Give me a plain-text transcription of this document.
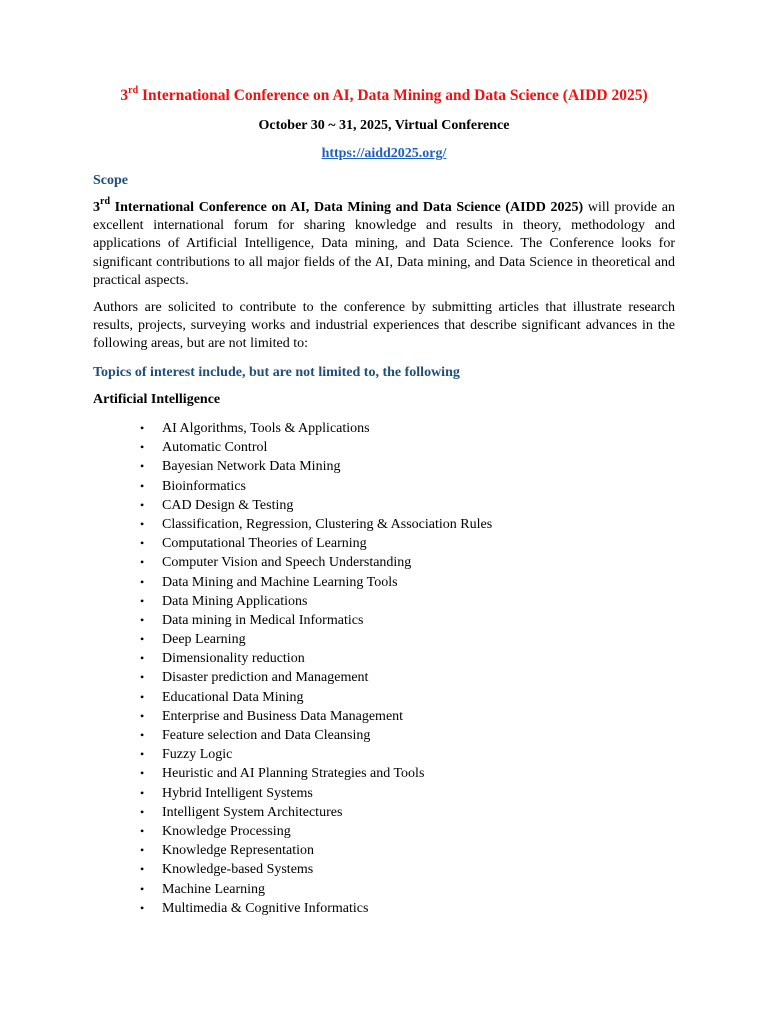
3rd International Conference on AI, Data Mining and Data Science (AIDD 2025)
October 30 ~ 31, 2025, Virtual Conference
https://aidd2025.org/
Scope

3rd International Conference on AI, Data Mining and Data Science (AIDD 2025) will provide an excellent international forum for sharing knowledge and results in theory, methodology and applications of Artificial Intelligence, Data mining, and Data Science. The Conference looks for significant contributions to all major fields of the AI, Data mining, and Data Science in theoretical and practical aspects.

Authors are solicited to contribute to the conference by submitting articles that illustrate research results, projects, surveying works and industrial experiences that describe significant advances in the following areas, but are not limited to:

Topics of interest include, but are not limited to, the following
Artificial Intelligence
• AI Algorithms, Tools & Applications
• Automatic Control
• Bayesian Network Data Mining
• Bioinformatics
• CAD Design & Testing
• Classification, Regression, Clustering & Association Rules
• Computational Theories of Learning
• Computer Vision and Speech Understanding
• Data Mining and Machine Learning Tools
• Data Mining Applications
• Data mining in Medical Informatics
• Deep Learning
• Dimensionality reduction
• Disaster prediction and Management
• Educational Data Mining
• Enterprise and Business Data Management
• Feature selection and Data Cleansing
• Fuzzy Logic
• Heuristic and AI Planning Strategies and Tools
• Hybrid Intelligent Systems
• Intelligent System Architectures
• Knowledge Processing
• Knowledge Representation
• Knowledge-based Systems
• Machine Learning
• Multimedia & Cognitive Informatics
